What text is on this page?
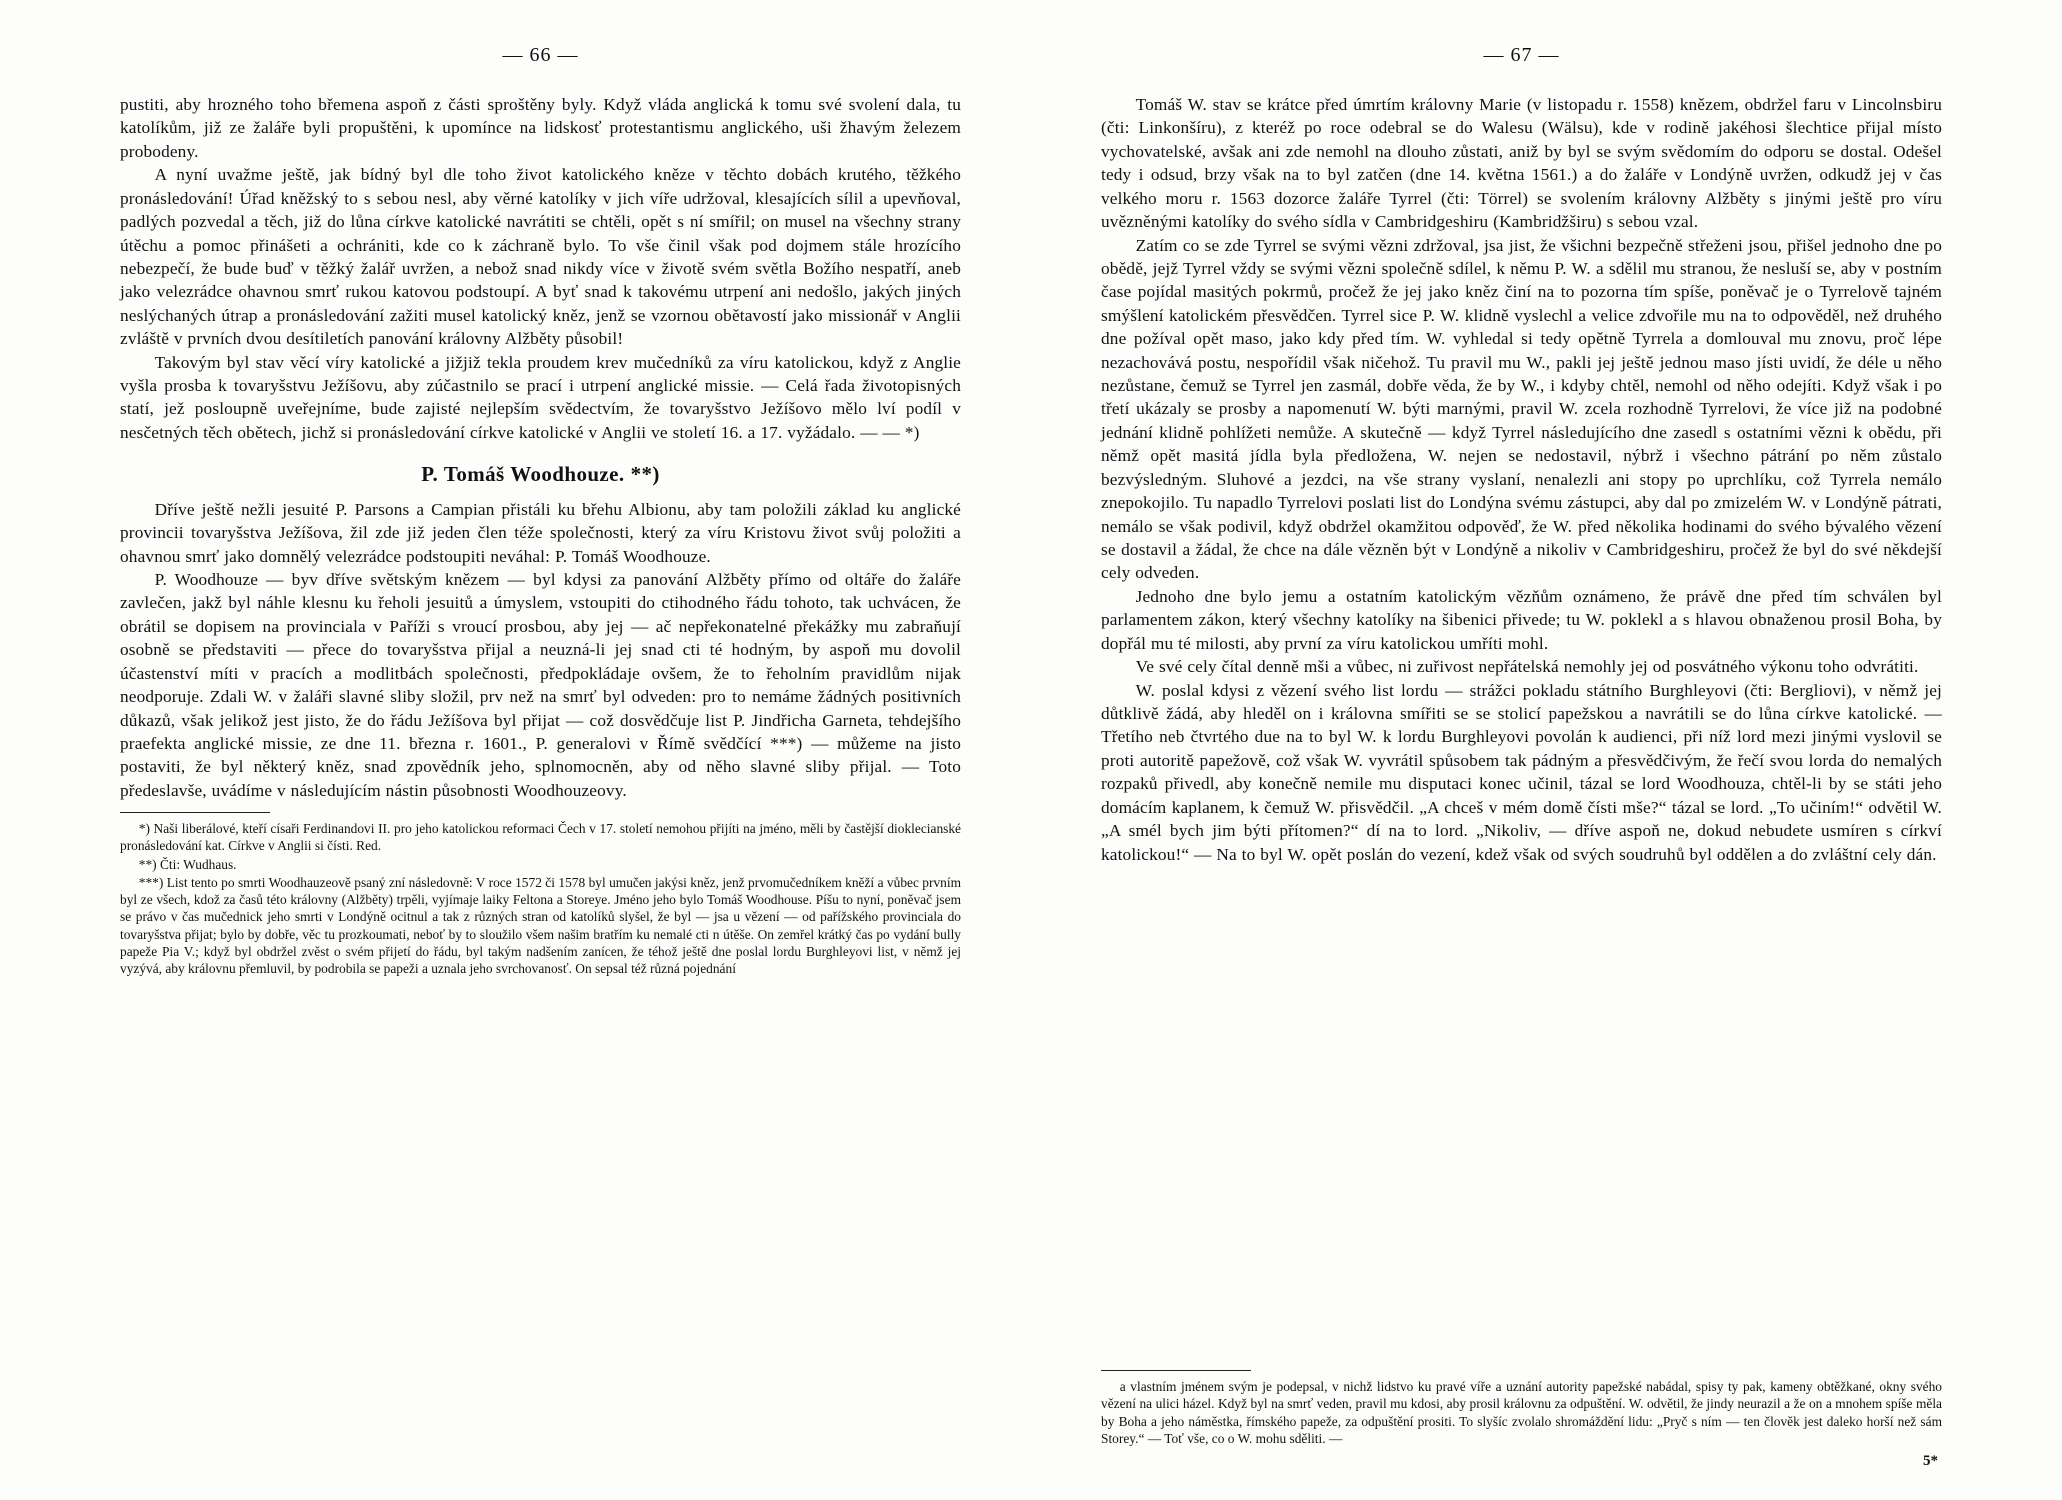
— 66 —

pustiti, aby hrozného toho břemena aspoň z části sproštěny byly. Když vláda anglická k tomu své svolení dala, tu katolíkům, již ze žaláře byli propuštěni, k upomínce na lidskosť protestantismu anglického, uši žhavým železem probodeny.

A nyní uvažme ještě, jak bídný byl dle toho život katolického kněze v těchto dobách krutého, těžkého pronásledování! Úřad kněžský to s sebou nesl, aby věrné katolíky v jich víře udržoval, klesajících sílil a upevňoval, padlých pozvedal a těch, již do lůna církve katolické navrátiti se chtěli, opět s ní smířil; on musel na všechny strany útěchu a pomoc přinášeti a ochrániti, kde co k záchraně bylo. To vše činil však pod dojmem stále hrozícího nebezpečí, že bude buď v těžký žalář uvržen, a nebož snad nikdy více v životě svém světla Božího nespatří, aneb jako velezrádce ohavnou smrť rukou katovou podstoupí. A byť snad k takovému utrpení ani nedošlo, jakých jiných neslýchaných útrap a pronásledování zažiti musel katolický kněz, jenž se vzornou obětavostí jako missionář v Anglii zvláště v prvních dvou desítiletích panování královny Alžběty působil!

Takovým byl stav věcí víry katolické a jižjiž tekla proudem krev mučedníků za víru katolickou, když z Anglie vyšla prosba k tovaryšstvu Ježíšovu, aby zúčastnilo se prací i utrpení anglické missie. — Celá řada životopisných statí, jež posloupně uveřejníme, bude zajisté nejlepším svědectvím, že tovaryšstvo Ježíšovo mělo lví podíl v nesčetných těch obětech, jichž si pronásledování církve katolické v Anglii ve století 16. a 17. vyžádalo. — — *)

P. Tomáš Woodhouze. **)

Dříve ještě nežli jesuité P. Parsons a Campian přistáli ku břehu Albionu, aby tam položili základ ku anglické provincii tovaryšstva Ježíšova, žil zde již jeden člen téže společnosti, který za víru Kristovu život svůj položiti a ohavnou smrť jako domnělý velezrádce podstoupiti neváhal: P. Tomáš Woodhouze.

P. Woodhouze — byv dříve světským knězem — byl kdysi za panování Alžběty přímo od oltáře do žaláře zavlečen, jakž byl náhle klesnu ku řeholi jesuitů a úmyslem, vstoupiti do ctihodného řádu tohoto, tak uchvácen, že obrátil se dopisem na provinciala v Paříži s vroucí prosbou, aby jej — ač nepřekonatelné překážky mu zabraňují osobně se představiti — přece do tovaryšstva přijal a neuzná-li jej snad cti té hodným, by aspoň mu dovolil účastenství míti v pracích a modlitbách společnosti, předpokládaje ovšem, že to řeholním pravidlům nijak neodporuje. Zdali W. v žaláři slavné sliby složil, prv než na smrť byl odveden: pro to nemáme žádných positivních důkazů, však jelikož jest jisto, že do řádu Ježíšova byl přijat — což dosvědčuje list P. Jindřicha Garneta, tehdejšího praefekta anglické missie, ze dne 11. března r. 1601., P. generalovi v Římě svědčící ***) — můžeme na jisto postaviti, že byl některý kněz, snad zpovědník jeho, splnomocněn, aby od něho slavné sliby přijal. — Toto předeslavše, uvádíme v následujícím nástin působnosti Woodhouzeovy.

*) Naši liberálové, kteří císaři Ferdinandovi II. pro jeho katolickou reformaci Čech v 17. století nemohou přijíti na jméno, měli by častější dioklecianské pronásledování kat. Církve v Anglii si čísti. Red.

**) Čti: Wudhaus.

***) List tento po smrti Woodhauzeově psaný zní následovně: V roce 1572 či 1578 byl umučen jakýsi kněz, jenž prvomučedníkem kněží a vůbec prvním byl ze všech, kdož za časů této královny (Alžběty) trpěli, vyjímaje laiky Feltona a Storeye. Jméno jeho bylo Tomáš Woodhouse. Píšu to nyní, poněvač jsem se právo v čas mučednick jeho smrti v Londýně ocitnul a tak z různých stran od katolíků slyšel, že byl — jsa u vězení — od pařížského provinciala do tovaryšstva přijat; bylo by dobře, věc tu prozkoumati, neboť by to sloužilo všem našim bratřím ku nemalé cti n útěše. On zemřel krátký čas po vydání bully papeže Pia V.; když byl obdržel zvěst o svém přijetí do řádu, byl takým nadšením zanícen, že téhož ještě dne poslal lordu Burghleyovi list, v němž jej vyzývá, aby královnu přemluvil, by podrobila se papeži a uznala jeho svrchovanosť. On sepsal též různá pojednání

— 67 —

Tomáš W. stav se krátce před úmrtím královny Marie (v listopadu r. 1558) knězem, obdržel faru v Lincolnsbiru (čti: Linkonšíru), z kteréž po roce odebral se do Walesu (Wälsu), kde v rodině jakéhosi šlechtice přijal místo vychovatelské, avšak ani zde nemohl na dlouho zůstati, aniž by byl se svým svědomím do odporu se dostal. Odešel tedy i odsud, brzy však na to byl zatčen (dne 14. května 1561.) a do žaláře v Londýně uvržen, odkudž jej v čas velkého moru r. 1563 dozorce žaláře Tyrrel (čti: Törrel) se svolením královny Alžběty s jinými ještě pro víru uvězněnými katolíky do svého sídla v Cambridgeshiru (Kambridžširu) s sebou vzal.

Zatím co se zde Tyrrel se svými vězni zdržoval, jsa jist, že všichni bezpečně střeženi jsou, přišel jednoho dne po obědě, jejž Tyrrel vždy se svými vězni společně sdílel, k němu P. W. a sdělil mu stranou, že nesluší se, aby v postním čase pojídal masitých pokrmů, pročež že jej jako kněz činí na to pozorna tím spíše, poněvač je o Tyrrelově tajném smýšlení katolickém přesvědčen. Tyrrel sice P. W. klidně vyslechl a velice zdvořile mu na to odpověděl, než druhého dne požíval opět maso, jako kdy před tím. W. vyhledal si tedy opětně Tyrrela a domlouval mu znovu, proč lépe nezachovává postu, nespořídil však ničehož. Tu pravil mu W., pakli jej ještě jednou maso jísti uvidí, že déle u něho nezůstane, čemuž se Tyrrel jen zasmál, dobře věda, že by W., i kdyby chtěl, nemohl od něho odejíti. Když však i po třetí ukázaly se prosby a napomenutí W. býti marnými, pravil W. zcela rozhodně Tyrrelovi, že více již na podobné jednání klidně pohlížeti nemůže. A skutečně — když Tyrrel následujícího dne zasedl s ostatními vězni k obědu, při němž opět masitá jídla byla předložena, W. nejen se nedostavil, nýbrž i všechno pátrání po něm zůstalo bezvýsledným. Sluhové a jezdci, na vše strany vyslaní, nenalezli ani stopy po uprchlíku, což Tyrrela nemálo znepokojilo. Tu napadlo Tyrrelovi poslati list do Londýna svému zástupci, aby dal po zmizelém W. v Londýně pátrati, nemálo se však podivil, když obdržel okamžitou odpověď, že W. před několika hodinami do svého bývalého vězení se dostavil a žádal, že chce na dále vězněn být v Londýně a nikoliv v Cambridgeshiru, pročež že byl do své někdejší cely odveden.

Jednoho dne bylo jemu a ostatním katolickým vězňům oznámeno, že právě dne před tím schválen byl parlamentem zákon, který všechny katolíky na šibenici přivede; tu W. poklekl a s hlavou obnaženou prosil Boha, by dopřál mu té milosti, aby první za víru katolickou umříti mohl.

Ve své cely čítal denně mši a vůbec, ni zuřivost nepřátelská nemohly jej od posvátného výkonu toho odvrátiti.

W. poslal kdysi z vězení svého list lordu — strážci pokladu státního Burghleyovi (čti: Bergliovi), v němž jej důtklivě žádá, aby hleděl on i královna smířiti se se stolicí papežskou a navrátili se do lůna církve katolické. — Třetího neb čtvrtého due na to byl W. k lordu Burghleyovi povolán k audienci, při níž lord mezi jinými vyslovil se proti autoritě papežově, což však W. vyvrátil spůsobem tak pádným a přesvědčivým, že řečí svou lorda do nemalých rozpaků přivedl, aby konečně nemile mu disputaci konec učinil, tázal se lord Woodhouza, chtěl-li by se státi jeho domácím kaplanem, k čemuž W. přisvědčil. „A chceš v mém domě čísti mše?“ tázal se lord. „To učiním!“ odvětil W. „A smél bych jim býti přítomen?“ dí na to lord. „Nikoliv, — dříve aspoň ne, dokud nebudete usmíren s církví katolickou!“ — Na to byl W. opět poslán do vezení, kdež však od svých soudruhů byl oddělen a do zvláštní cely dán.

a vlastním jménem svým je podepsal, v nichž lidstvo ku pravé víře a uznání autority papežské nabádal, spisy ty pak, kameny obtěžkané, okny svého vězení na ulici házel. Když byl na smrť veden, pravil mu kdosi, aby prosil královnu za odpuštění. W. odvětil, že jindy neurazil a že on a mnohem spíše měla by Boha a jeho náměstka, římského papeže, za odpuštění prositi. To slyšíc zvolalo shromáždění lidu: „Pryč s ním — ten člověk jest daleko horší než sám Storey.“ — Toť vše, co o W. mohu sděliti. —

5*
